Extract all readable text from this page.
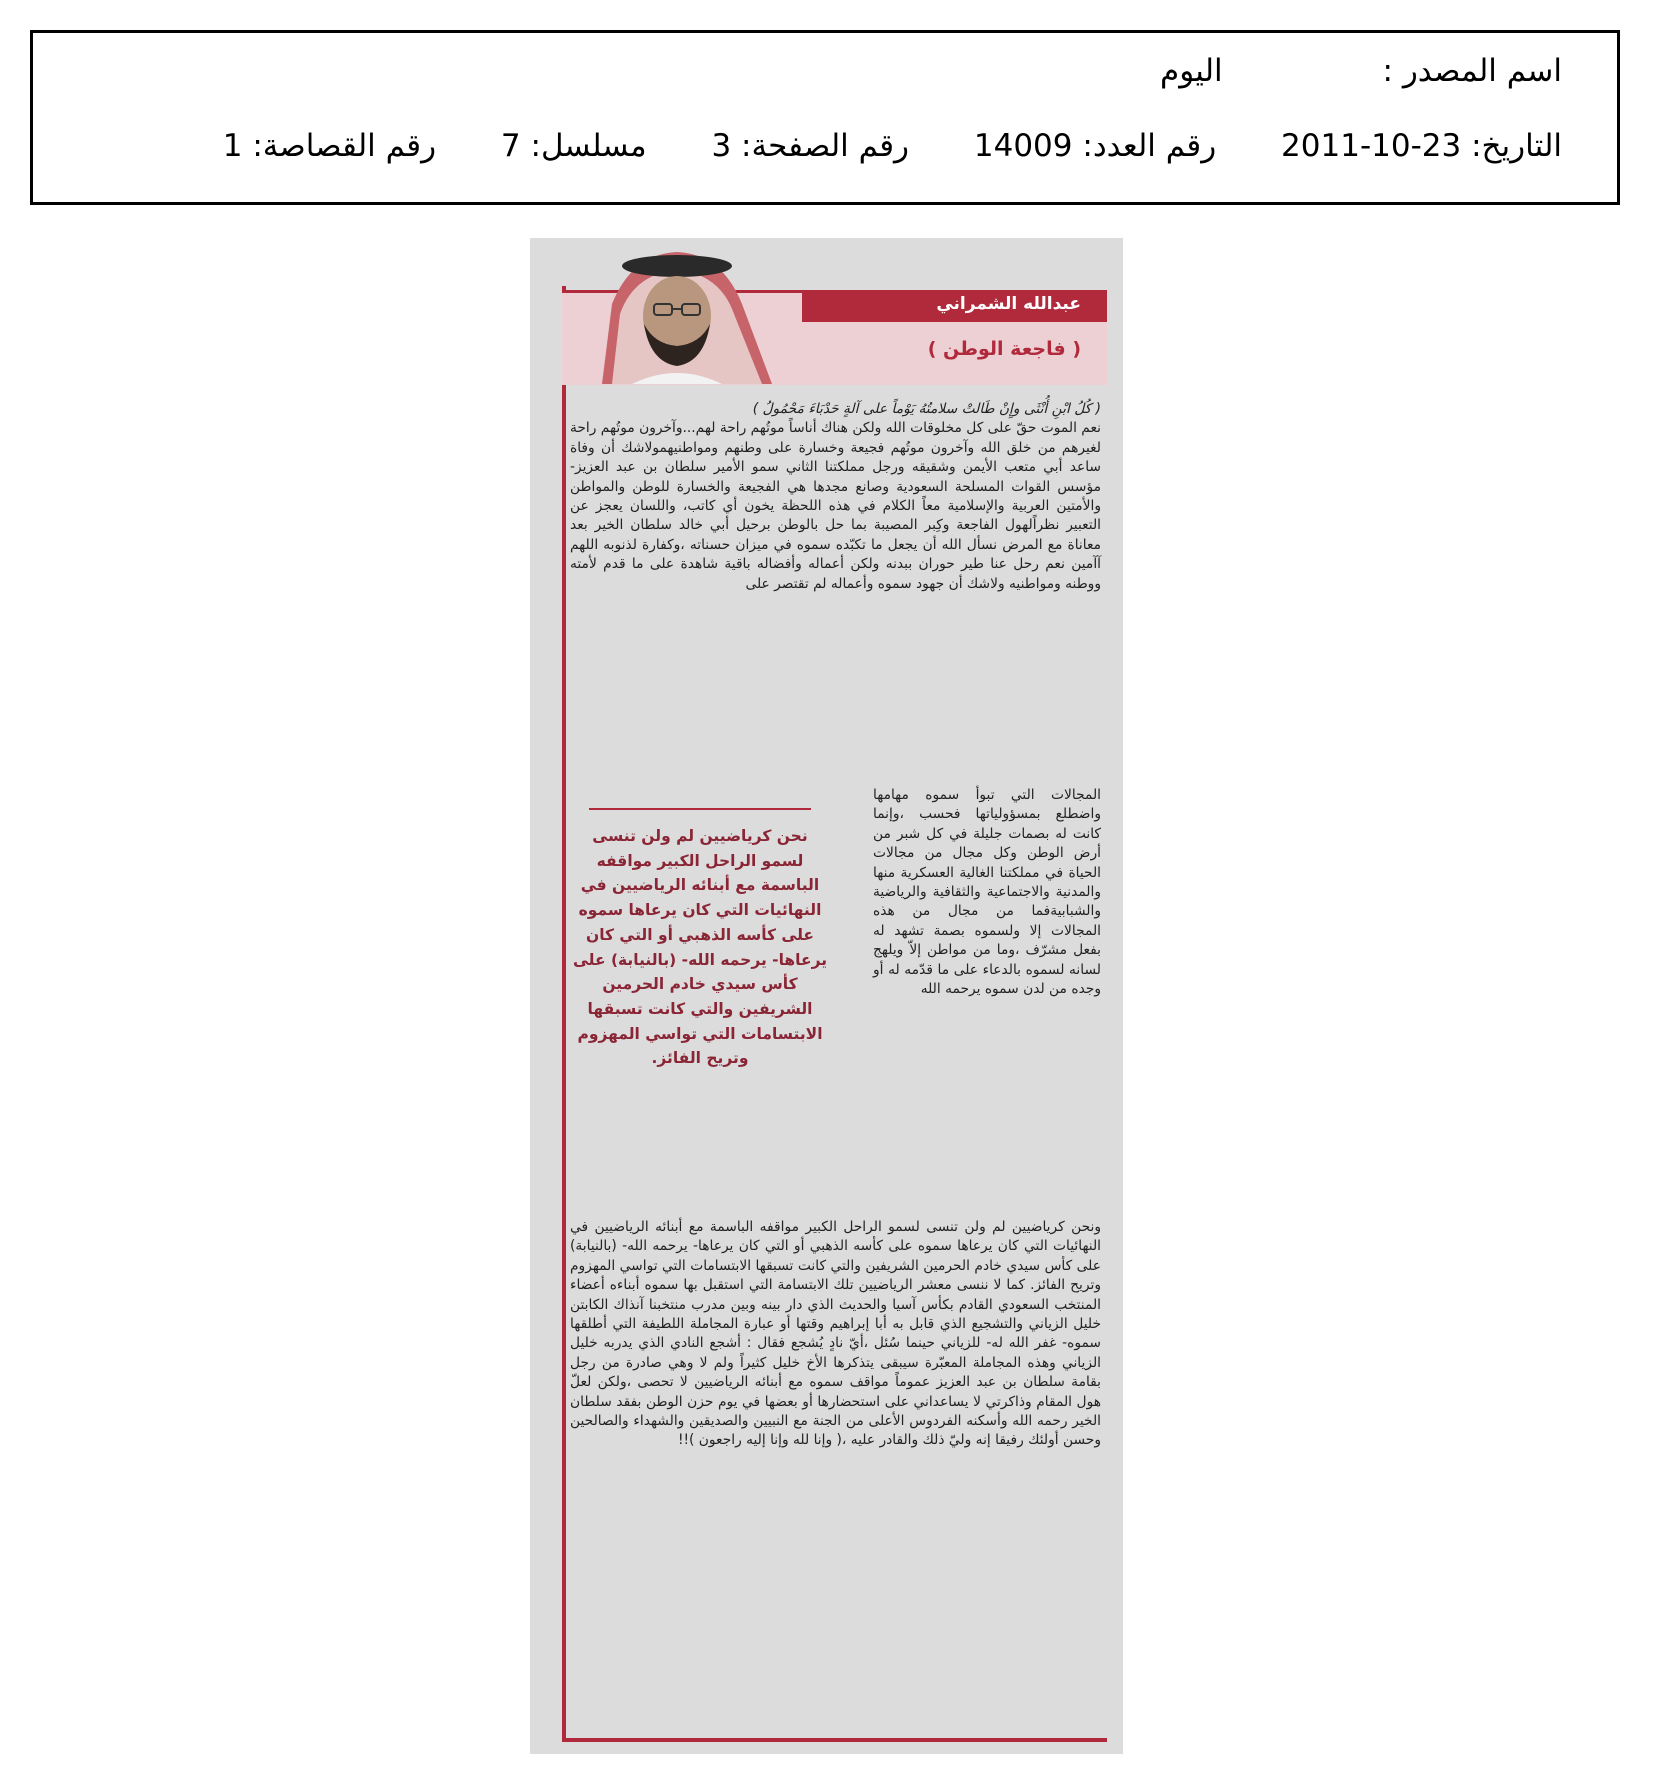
اسم المصدر : اليوم
التاريخ: 23-10-2011 رقم العدد: 14009 رقم الصفحة: 3 مسلسل: 7 رقم القصاصة: 1
عبدالله الشمراني
( فاجعة الوطن )
( كُلُ ابْنِ أُنْثَى وإِنْ طَالتْ سلامتُهُ يَوْماً على آلةٍ حَدْبَاءَ مَحْمُولُ )
نعم الموت حقّ على كل مخلوقات الله ولكن هناك أناساً موتُهم راحة لهم...وآخرون موتُهم راحة لغيرهم من خلق الله وآخرون موتُهم فجيعة وخسارة على وطنهم ومواطنيهمولاشك أن وفاة ساعد أبي متعب الأيمن وشقيقه ورجل مملكتنا الثاني سمو الأمير سلطان بن عبد العزيز- مؤسس القوات المسلحة السعودية وصانع مجدها هي الفجيعة والخسارة للوطن والمواطن والأمتين العربية والإسلامية معاً الكلام في هذه اللحظة يخون أي كاتب، واللسان يعجز عن التعبير نظراًلهول الفاجعة وكِبر المصيبة بما حل بالوطن برحيل أبي خالد سلطان الخير بعد معاناة مع المرض نسأل الله أن يجعل ما تكبّده سموه في ميزان حسناته ،وكفارة لذنوبه اللهم آآمين نعم رحل عنا طير حوران ببدنه ولكن أعماله وأفضاله باقية شاهدة على ما قدم لأمته ووطنه ومواطنيه ولاشك أن جهود سموه وأعماله لم تقتصر على
المجالات التي تبوأ سموه مهامها واضطلع بمسؤولياتها فحسب ،وإنما كانت له بصمات جليلة في كل شبر من أرض الوطن وكل مجال من مجالات الحياة في مملكتنا الغالية العسكرية منها والمدنية والاجتماعية والثقافية والرياضية والشبابيةفما من مجال من هذه المجالات إلا ولسموه بصمة تشهد له بفعل مشرّف ،وما من مواطن إلاّ ويلهج لسانه لسموه بالدعاء على ما قدّمه له أو وجده من لدن سموه يرحمه الله
نحن كرياضيين لم ولن تنسى لسمو الراحل الكبير مواقفه الباسمة مع أبنائه الرياضيين في النهائيات التي كان يرعاها سموه على كأسه الذهبي أو التي كان يرعاها- يرحمه الله- (بالنيابة) على كأس سيدي خادم الحرمين الشريفين والتي كانت تسبقها الابتسامات التي تواسي المهزوم وتريح الفائز.
ونحن كرياضيين لم ولن تنسى لسمو الراحل الكبير مواقفه الباسمة مع أبنائه الرياضيين في النهائيات التي كان يرعاها سموه على كأسه الذهبي أو التي كان يرعاها- يرحمه الله- (بالنيابة) على كأس سيدي خادم الحرمين الشريفين والتي كانت تسبقها الابتسامات التي تواسي المهزوم وتريح الفائز. كما لا ننسى معشر الرياضيين تلك الابتسامة التي استقبل بها سموه أبناءه أعضاء المنتخب السعودي القادم بكأس آسيا والحديث الذي دار بينه وبين مدرب منتخبنا آنذاك الكابتن خليل الزياني والتشجيع الذي قابل به أبا إبراهيم وقتها أو عبارة المجاملة اللطيفة التي أطلقها سموه- غفر الله له- للزياني حينما سُئل ،أيّ نادٍ يُشجع فقال : أشجع النادي الذي يدربه خليل الزياني وهذه المجاملة المعبّرة سيبقى يتذكرها الأخ خليل كثيراً ولم لا وهي صادرة من رجل بقامة سلطان بن عبد العزيز عموماً مواقف سموه مع أبنائه الرياضيين لا تحصى ،ولكن لعلّ هول المقام وذاكرتي لا يساعداني على استحضارها أو بعضها في يوم حزن الوطن بفقد سلطان الخير رحمه الله وأسكنه الفردوس الأعلى من الجنة مع النبيين والصديقين والشهداء والصالحين وحسن أولئك رفيقا إنه وليّ ذلك والقادر عليه ،( وإنا لله وإنا إليه راجعون )!!
